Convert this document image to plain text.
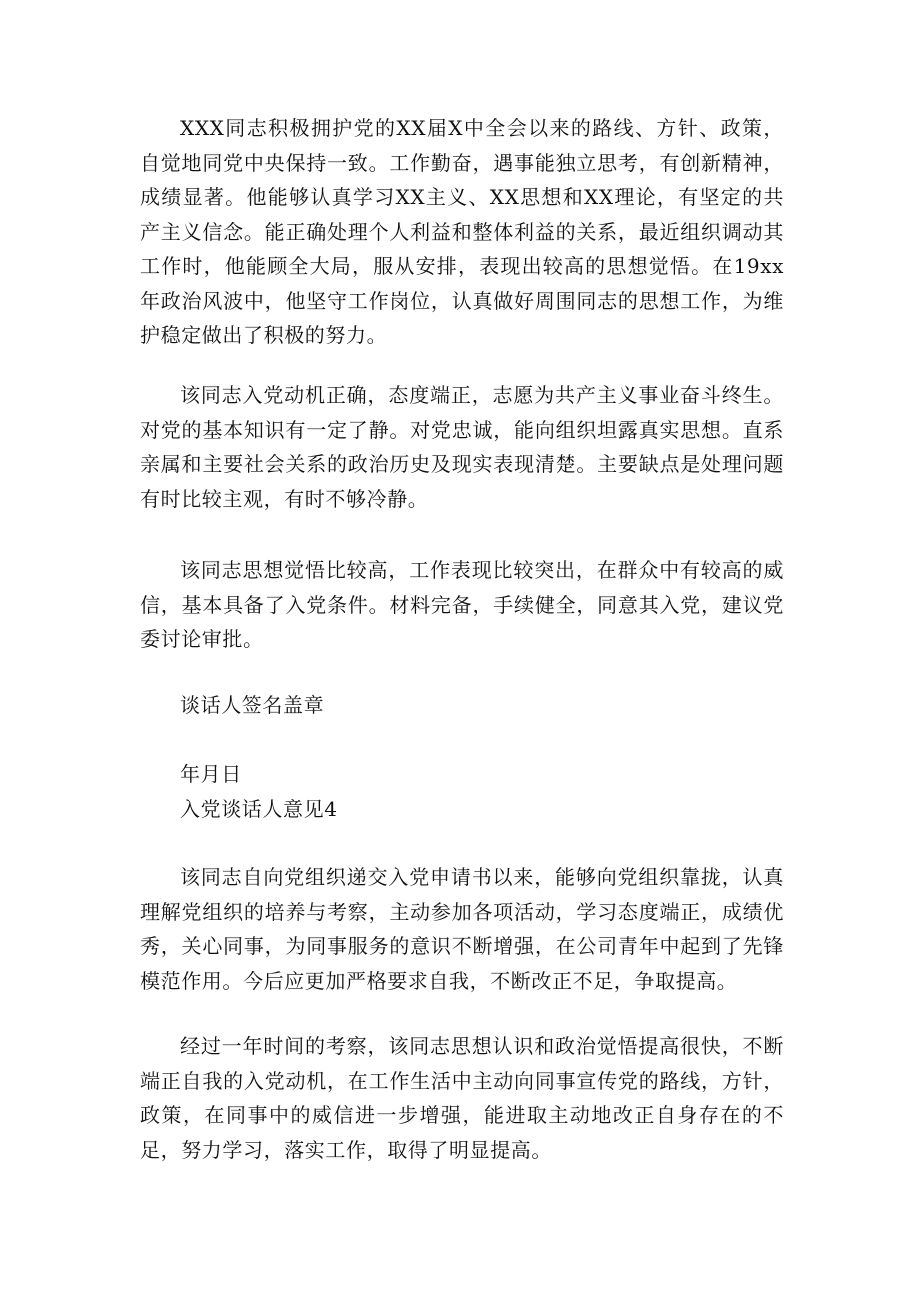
XXX同志积极拥护党的XX届X中全会以来的路线、方针、政策，自觉地同党中央保持一致。工作勤奋，遇事能独立思考，有创新精神，成绩显著。他能够认真学习XX主义、XX思想和XX理论，有坚定的共产主义信念。能正确处理个人利益和整体利益的关系，最近组织调动其工作时，他能顾全大局，服从安排，表现出较高的思想觉悟。在19xx年政治风波中，他坚守工作岗位，认真做好周围同志的思想工作，为维护稳定做出了积极的努力。

该同志入党动机正确，态度端正，志愿为共产主义事业奋斗终生。对党的基本知识有一定了静。对党忠诚，能向组织坦露真实思想。直系亲属和主要社会关系的政治历史及现实表现清楚。主要缺点是处理问题有时比较主观，有时不够冷静。

该同志思想觉悟比较高，工作表现比较突出，在群众中有较高的威信，基本具备了入党条件。材料完备，手续健全，同意其入党，建议党委讨论审批。

谈话人签名盖章

年月日

入党谈话人意见4

该同志自向党组织递交入党申请书以来，能够向党组织靠拢，认真理解党组织的培养与考察，主动参加各项活动，学习态度端正，成绩优秀，关心同事，为同事服务的意识不断增强，在公司青年中起到了先锋模范作用。今后应更加严格要求自我，不断改正不足，争取提高。

经过一年时间的考察，该同志思想认识和政治觉悟提高很快，不断端正自我的入党动机，在工作生活中主动向同事宣传党的路线，方针，政策，在同事中的威信进一步增强，能进取主动地改正自身存在的不足，努力学习，落实工作，取得了明显提高。
